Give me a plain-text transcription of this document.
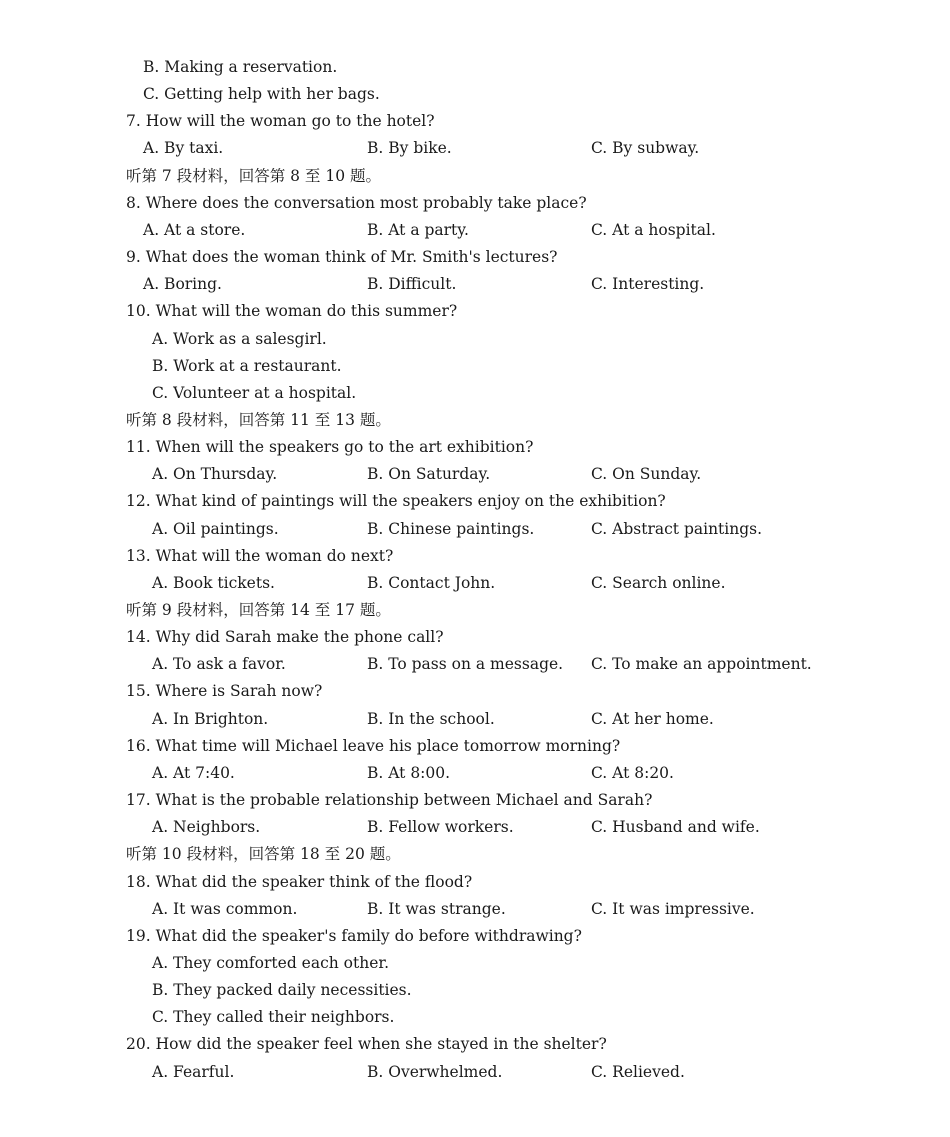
B. Making a reservation.
C. Getting help with her bags.
7. How will the woman go to the hotel?
A. By taxi.	B. By bike.	C. By subway.
听第 7 段材料，回答第 8 至 10 题。
8. Where does the conversation most probably take place?
A. At a store.	B. At a party.	C. At a hospital.
9. What does the woman think of Mr. Smith's lectures?
A. Boring.	B. Difficult.	C. Interesting.
10. What will the woman do this summer?
A. Work as a salesgirl.
B. Work at a restaurant.
C. Volunteer at a hospital.
听第 8 段材料，回答第 11 至 13 题。
11. When will the speakers go to the art exhibition?
A. On Thursday.	B. On Saturday.	C. On Sunday.
12. What kind of paintings will the speakers enjoy on the exhibition?
A. Oil paintings.	B. Chinese paintings.	C. Abstract paintings.
13. What will the woman do next?
A. Book tickets.	B. Contact John.	C. Search online.
听第 9 段材料，回答第 14 至 17 题。
14. Why did Sarah make the phone call?
A. To ask a favor.	B. To pass on a message. C. To make an appointment.
15. Where is Sarah now?
A. In Brighton.	B. In the school.	C. At her home.
16. What time will Michael leave his place tomorrow morning?
A. At 7:40.	B. At 8:00.	C. At 8:20.
17. What is the probable relationship between Michael and Sarah?
A. Neighbors.	B. Fellow workers.	C. Husband and wife.
听第 10 段材料，回答第 18 至 20 题。
18. What did the speaker think of the flood?
A. It was common.	B. It was strange.	C. It was impressive.
19. What did the speaker's family do before withdrawing?
A. They comforted each other.
B. They packed daily necessities.
C. They called their neighbors.
20. How did the speaker feel when she stayed in the shelter?
A. Fearful.	B. Overwhelmed.	C. Relieved.
